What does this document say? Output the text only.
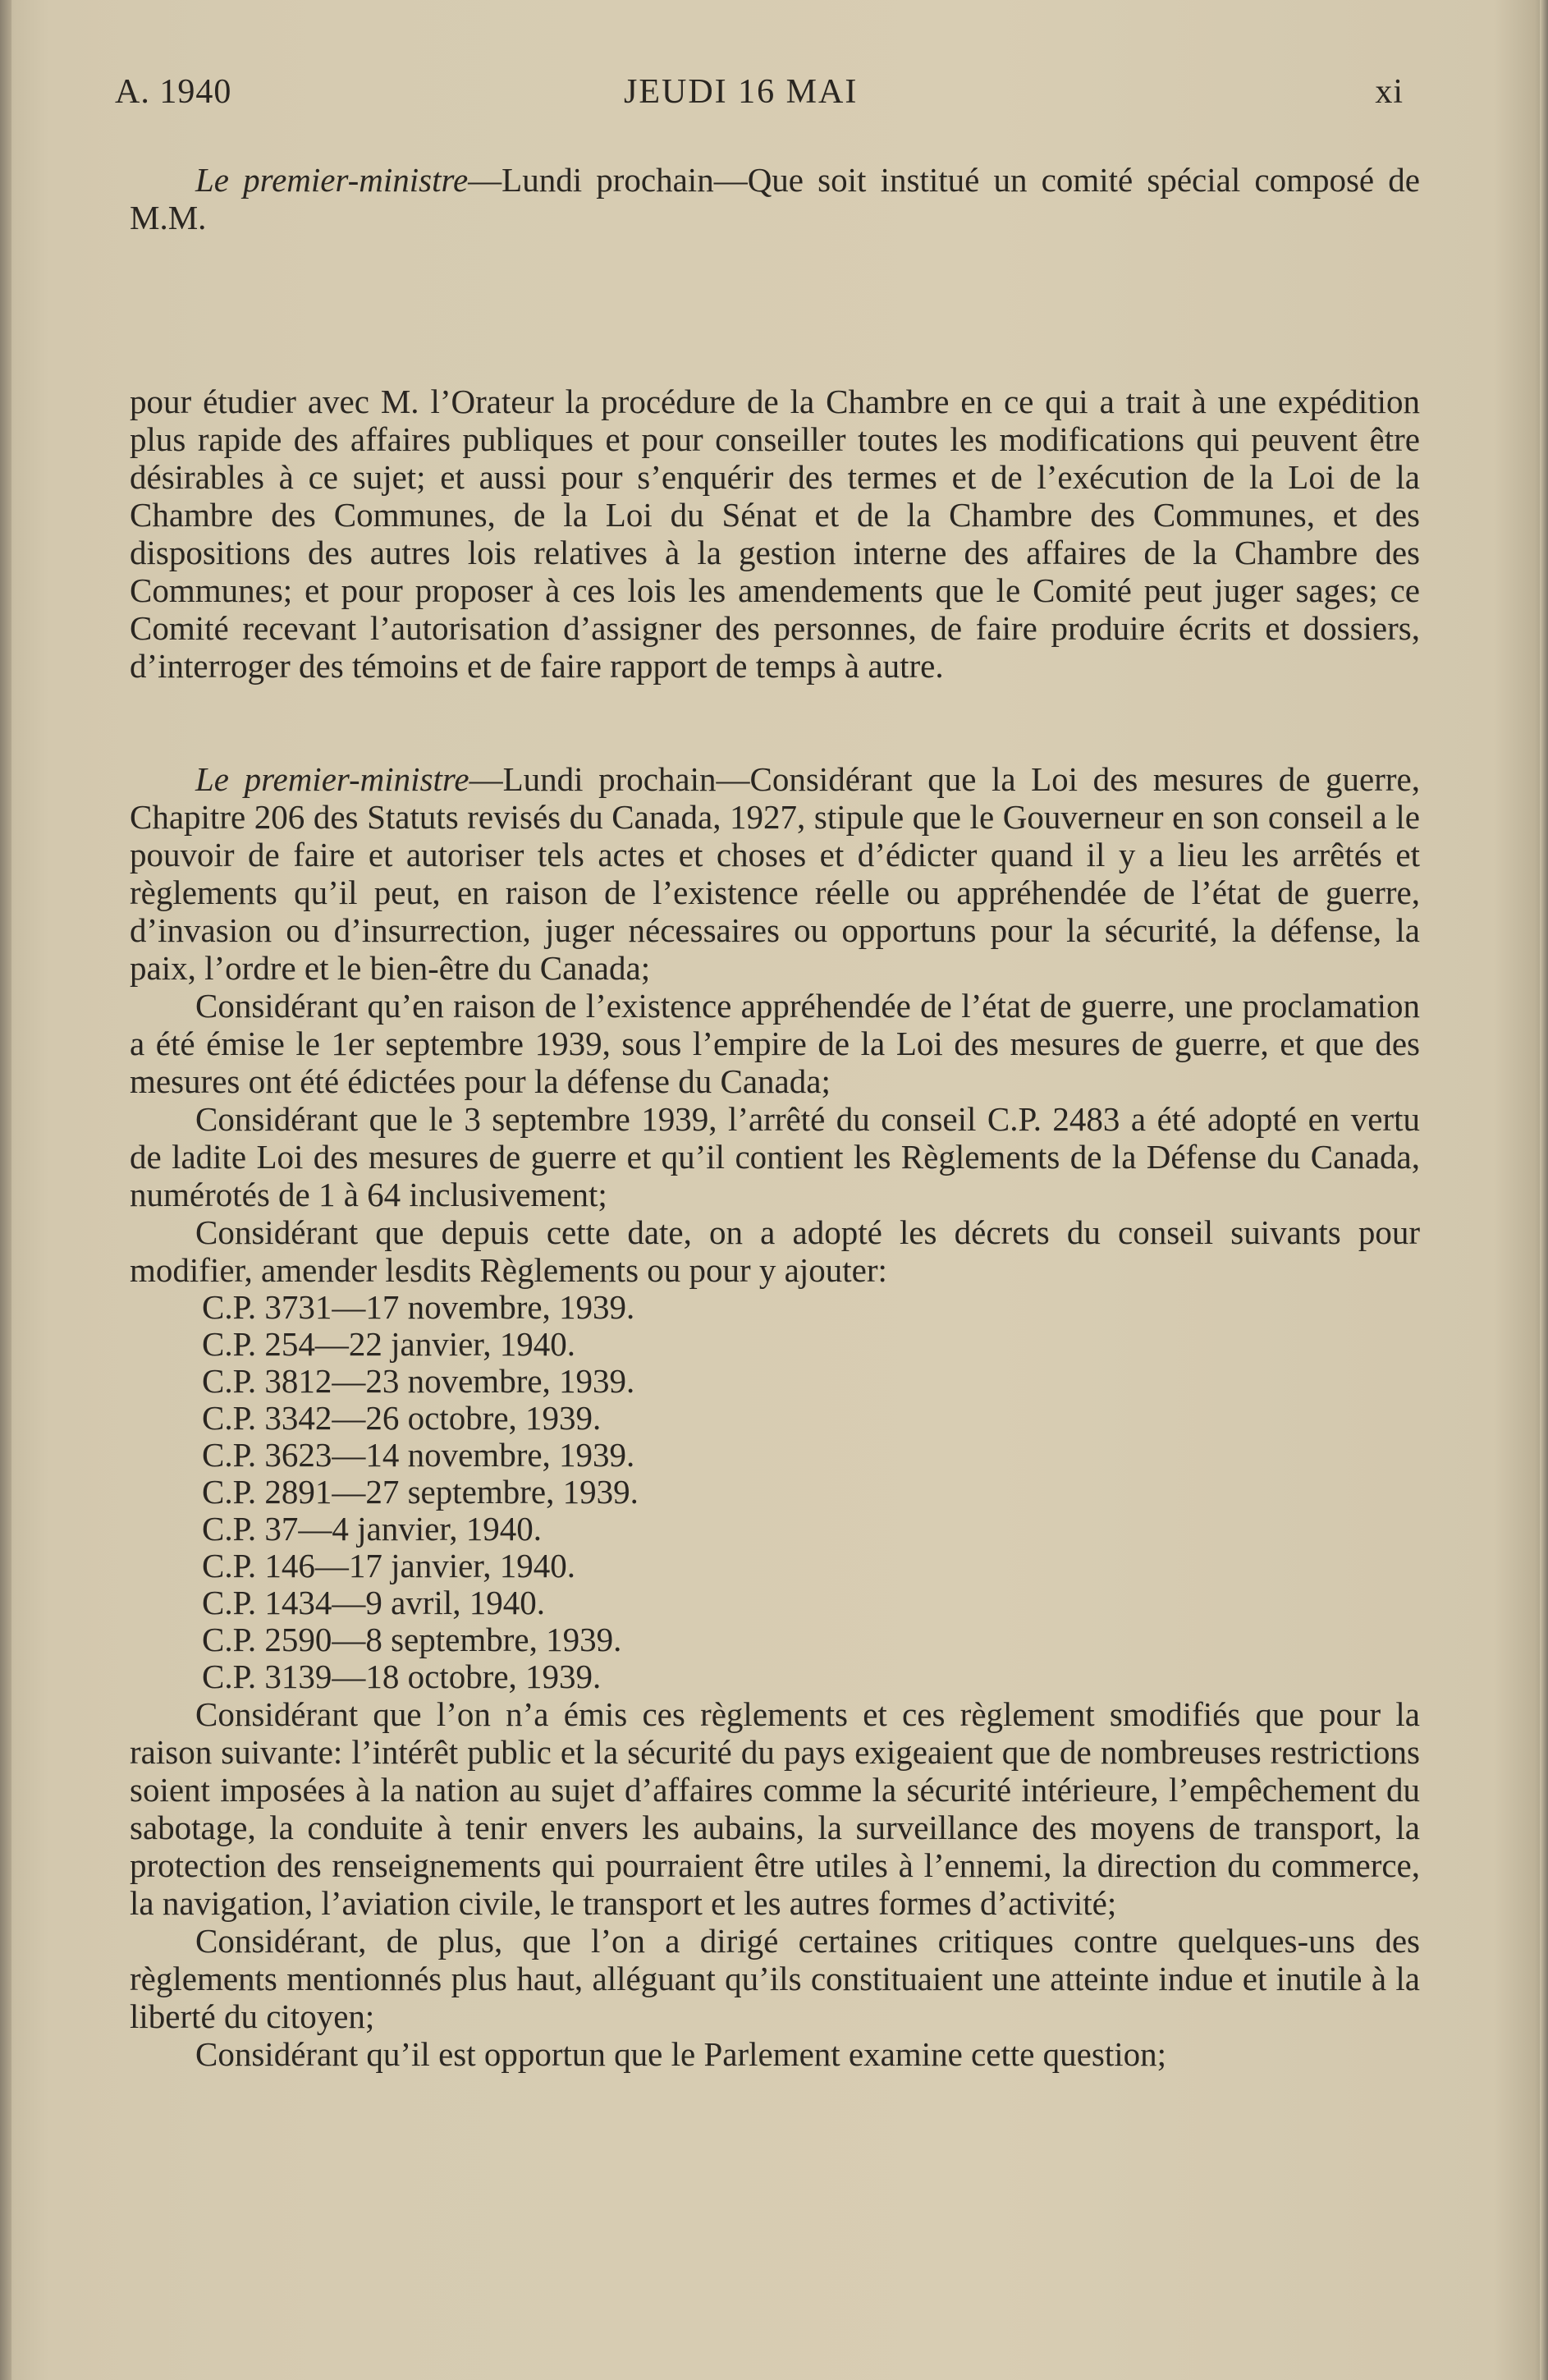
A. 1940	JEUDI 16 MAI	xi

Le premier-ministre—Lundi prochain—Que soit institué un comité spécial composé de M.M.

pour étudier avec M. l’Orateur la procédure de la Chambre en ce qui a trait à une expédition plus rapide des affaires publiques et pour conseiller toutes les modifications qui peuvent être désirables à ce sujet; et aussi pour s’enquérir des termes et de l’exécution de la Loi de la Chambre des Communes, de la Loi du Sénat et de la Chambre des Communes, et des dispositions des autres lois relatives à la gestion interne des affaires de la Chambre des Communes; et pour proposer à ces lois les amendements que le Comité peut juger sages; ce Comité recevant l’autorisation d’assigner des personnes, de faire produire écrits et dossiers, d’interroger des témoins et de faire rapport de temps à autre.

Le premier-ministre—Lundi prochain—Considérant que la Loi des mesures de guerre, Chapitre 206 des Statuts revisés du Canada, 1927, stipule que le Gouverneur en son conseil a le pouvoir de faire et autoriser tels actes et choses et d’édicter quand il y a lieu les arrêtés et règlements qu’il peut, en raison de l’existence réelle ou appréhendée de l’état de guerre, d’invasion ou d’insurrection, juger nécessaires ou opportuns pour la sécurité, la défense, la paix, l’ordre et le bien-être du Canada;

Considérant qu’en raison de l’existence appréhendée de l’état de guerre, une proclamation a été émise le 1er septembre 1939, sous l’empire de la Loi des mesures de guerre, et que des mesures ont été édictées pour la défense du Canada;

Considérant que le 3 septembre 1939, l’arrêté du conseil C.P. 2483 a été adopté en vertu de ladite Loi des mesures de guerre et qu’il contient les Règlements de la Défense du Canada, numérotés de 1 à 64 inclusivement;

Considérant que depuis cette date, on a adopté les décrets du conseil suivants pour modifier, amender lesdits Règlements ou pour y ajouter:

C.P. 3731—17 novembre, 1939.
C.P. 254—22 janvier, 1940.
C.P. 3812—23 novembre, 1939.
C.P. 3342—26 octobre, 1939.
C.P. 3623—14 novembre, 1939.
C.P. 2891—27 septembre, 1939.
C.P. 37—4 janvier, 1940.
C.P. 146—17 janvier, 1940.
C.P. 1434—9 avril, 1940.
C.P. 2590—8 septembre, 1939.
C.P. 3139—18 octobre, 1939.

Considérant que l’on n’a émis ces règlements et ces règlement smodifiés que pour la raison suivante: l’intérêt public et la sécurité du pays exigeaient que de nombreuses restrictions soient imposées à la nation au sujet d’affaires comme la sécurité intérieure, l’empêchement du sabotage, la conduite à tenir envers les aubains, la surveillance des moyens de transport, la protection des renseignements qui pourraient être utiles à l’ennemi, la direction du commerce, la navigation, l’aviation civile, le transport et les autres formes d’activité;

Considérant, de plus, que l’on a dirigé certaines critiques contre quelques-uns des règlements mentionnés plus haut, alléguant qu’ils constituaient une atteinte indue et inutile à la liberté du citoyen;

Considérant qu’il est opportun que le Parlement examine cette question;
